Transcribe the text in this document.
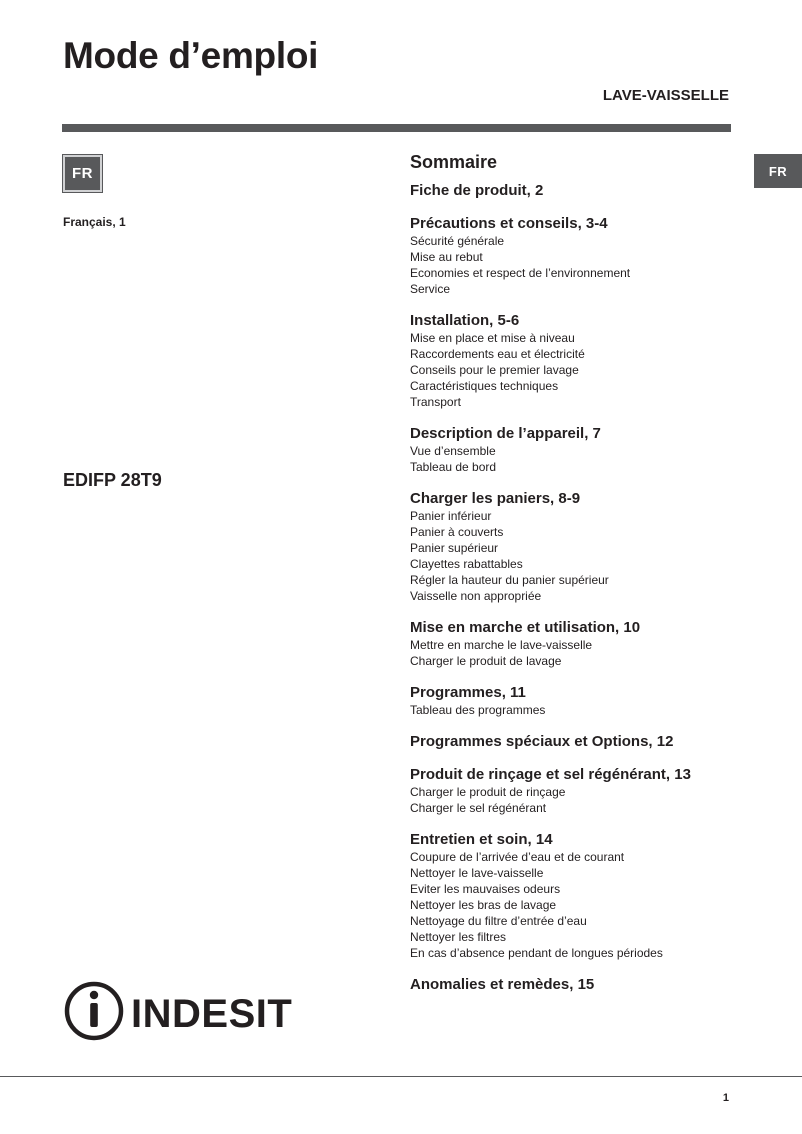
Mode d’emploi
LAVE-VAISSELLE
FR	FR
Français, 1
EDIFP 28T9
Sommaire
Fiche de produit, 2
Précautions et conseils, 3-4
Sécurité générale
Mise au rebut
Economies et respect de l’environnement
Service
Installation, 5-6
Mise en place et mise à niveau
Raccordements eau et électricité
Conseils pour le premier lavage
Caractéristiques techniques
Transport
Description de l’appareil, 7
Vue d’ensemble
Tableau de bord
Charger les paniers, 8-9
Panier inférieur
Panier à couverts
Panier supérieur
Clayettes rabattables
Régler la hauteur du panier supérieur
Vaisselle non appropriée
Mise en marche et utilisation, 10
Mettre en marche le lave-vaisselle
Charger le produit de lavage
Programmes, 11
Tableau des programmes
Programmes spéciaux et Options, 12
Produit de rinçage et sel régénérant, 13
Charger le produit de rinçage
Charger le sel régénérant
Entretien et soin, 14
Coupure de l’arrivée d’eau et de courant
Nettoyer le lave-vaisselle
Eviter les mauvaises odeurs
Nettoyer les bras de lavage
Nettoyage du filtre d’entrée d’eau
Nettoyer les filtres
En cas d’absence pendant de longues périodes
Anomalies et remèdes, 15
INDESIT
1
